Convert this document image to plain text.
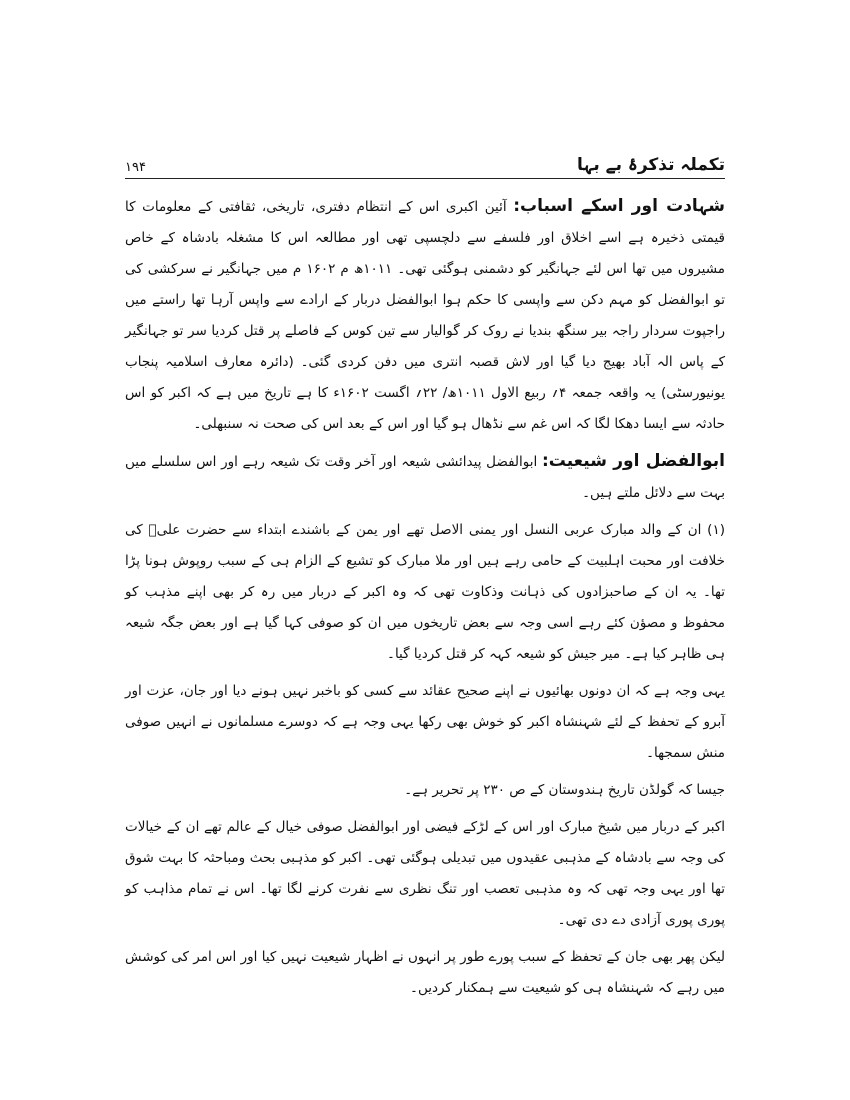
تکملہ تذکرۂ بے بہا
۱۹۴

شہادت اور اسکے اسباب: آئین اکبری اس کے انتظام دفتری، تاریخی، ثقافتی کے معلومات کا قیمتی ذخیرہ ہے اسے اخلاق اور فلسفے سے دلچسپی تھی اور مطالعہ اس کا مشغلہ بادشاہ کے خاص مشیروں میں تھا اس لئے جہانگیر کو دشمنی ہوگئی تھی۔ ۱۰۱۱ھ م ۱۶۰۲ م میں جہانگیر نے سرکشی کی تو ابوالفضل کو مہم دکن سے واپسی کا حکم ہوا ابوالفضل دربار کے ارادے سے واپس آرہا تھا راستے میں راجپوت سردار راجہ بیر سنگھ بندیا نے روک کر گوالیار سے تین کوس کے فاصلے پر قتل کردیا سر تو جہانگیر کے پاس الہ آباد بھیج دیا گیا اور لاش قصبہ انتری میں دفن کردی گئی۔ (دائرہ معارف اسلامیہ پنجاب یونیورسٹی) یہ واقعہ جمعہ ۴؍ ربیع الاول ۱۰۱۱ھ/ ۲۲؍ اگست ۱۶۰۲ء کا ہے تاریخ میں ہے کہ اکبر کو اس حادثہ سے ایسا دھکا لگا کہ اس غم سے نڈھال ہو گیا اور اس کے بعد اس کی صحت نہ سنبھلی۔

ابوالفضل اور شیعیت: ابوالفضل پیدائشی شیعہ اور آخر وقت تک شیعہ رہے اور اس سلسلے میں بہت سے دلائل ملتے ہیں۔

(۱) ان کے والد مبارک عربی النسل اور یمنی الاصل تھے اور یمن کے باشندے ابتداء سے حضرت علیؑ کی خلافت اور محبت اہلبیت کے حامی رہے ہیں اور ملا مبارک کو تشیع کے الزام ہی کے سبب روپوش ہونا پڑا تھا۔ یہ ان کے صاحبزادوں کی ذہانت وذکاوت تھی کہ وہ اکبر کے دربار میں رہ کر بھی اپنے مذہب کو محفوظ و مصؤن کئے رہے اسی وجہ سے بعض تاریخوں میں ان کو صوفی کہا گیا ہے اور بعض جگہ شیعہ ہی ظاہر کیا ہے۔ میر جیش کو شیعہ کہہ کر قتل کردیا گیا۔

یہی وجہ ہے کہ ان دونوں بھائیوں نے اپنے صحیح عقائد سے کسی کو باخبر نہیں ہونے دیا اور جان، عزت اور آبرو کے تحفظ کے لئے شہنشاہ اکبر کو خوش بھی رکھا یہی وجہ ہے کہ دوسرے مسلمانوں نے انہیں صوفی منش سمجھا۔

جیسا کہ گولڈن تاریخ ہندوستان کے ص ۲۳۰ پر تحریر ہے۔

اکبر کے دربار میں شیخ مبارک اور اس کے لڑکے فیضی اور ابوالفضل صوفی خیال کے عالم تھے ان کے خیالات کی وجہ سے بادشاہ کے مذہبی عقیدوں میں تبدیلی ہوگئی تھی۔ اکبر کو مذہبی بحث ومباحثہ کا بہت شوق تھا اور یہی وجہ تھی کہ وہ مذہبی تعصب اور تنگ نظری سے نفرت کرنے لگا تھا۔ اس نے تمام مذاہب کو پوری پوری آزادی دے دی تھی۔

لیکن پھر بھی جان کے تحفظ کے سبب پورے طور پر انہوں نے اظہار شیعیت نہیں کیا اور اس امر کی کوشش میں رہے کہ شہنشاہ ہی کو شیعیت سے ہمکنار کردیں۔
